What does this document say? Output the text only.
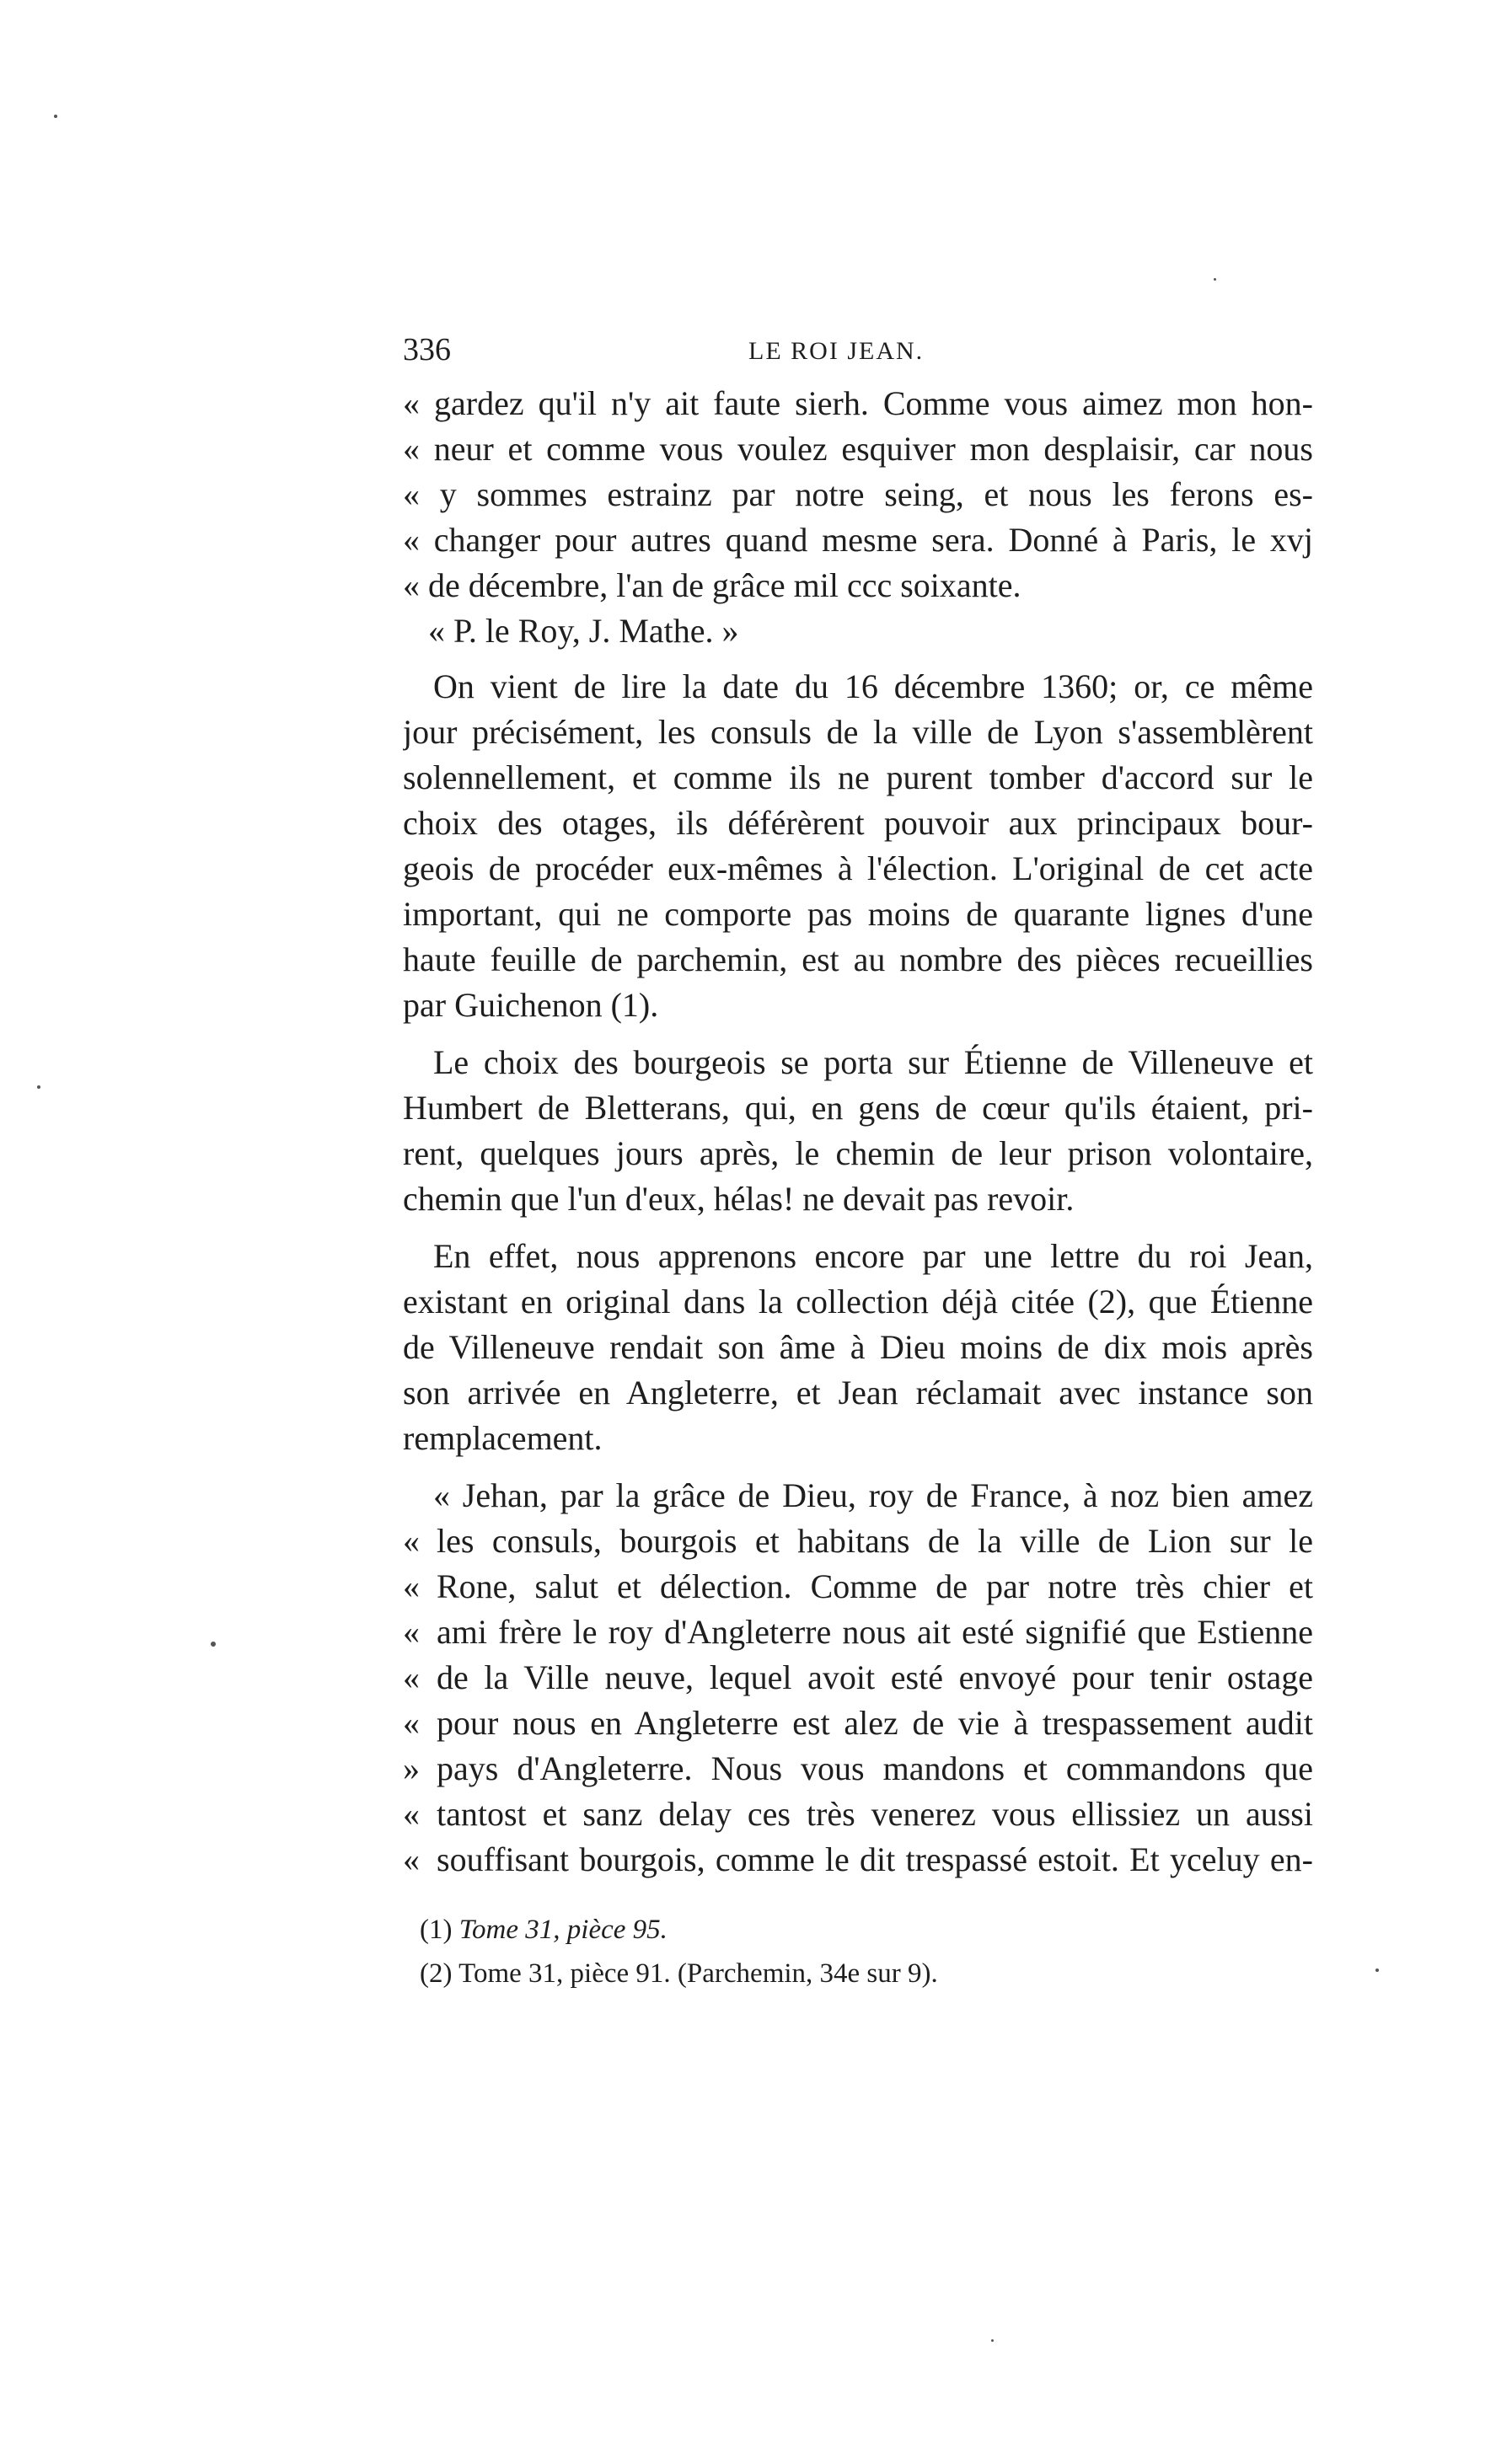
336	LE ROI JEAN.
« gardez qu'il n'y ait faute sierh. Comme vous aimez mon hon-
« neur et comme vous voulez esquiver mon desplaisir, car nous
« y sommes estrainz par notre seing, et nous les ferons es-
« changer pour autres quand mesme sera. Donné à Paris, le xvj
« de décembre, l'an de grâce mil ccc soixante.
« P. le Roy, J. Mathe. »
On vient de lire la date du 16 décembre 1360; or, ce même
jour précisément, les consuls de la ville de Lyon s'assemblèrent
solennellement, et comme ils ne purent tomber d'accord sur le
choix des otages, ils déférèrent pouvoir aux principaux bour-
geois de procéder eux-mêmes à l'élection. L'original de cet acte
important, qui ne comporte pas moins de quarante lignes d'une
haute feuille de parchemin, est au nombre des pièces recueillies
par Guichenon (1).
Le choix des bourgeois se porta sur Étienne de Villeneuve et
Humbert de Bletterans, qui, en gens de cœur qu'ils étaient, pri-
rent, quelques jours après, le chemin de leur prison volontaire,
chemin que l'un d'eux, hélas! ne devait pas revoir.
En effet, nous apprenons encore par une lettre du roi Jean,
existant en original dans la collection déjà citée (2), que Étienne
de Villeneuve rendait son âme à Dieu moins de dix mois après
son arrivée en Angleterre, et Jean réclamait avec instance son
remplacement.
« Jehan, par la grâce de Dieu, roy de France, à noz bien amez
« les consuls, bourgois et habitans de la ville de Lion sur le
« Rone, salut et délection. Comme de par notre très chier et
« ami frère le roy d'Angleterre nous ait esté signifié que Estienne
« de la Ville neuve, lequel avoit esté envoyé pour tenir ostage
« pour nous en Angleterre est alez de vie à trespassement audit
» pays d'Angleterre. Nous vous mandons et commandons que
« tantost et sanz delay ces très venerez vous ellissiez un aussi
« souffisant bourgois, comme le dit trespassé estoit. Et yceluy en-
(1) Tome 31, pièce 95.
(2) Tome 31, pièce 91. (Parchemin, 34e sur 9).
